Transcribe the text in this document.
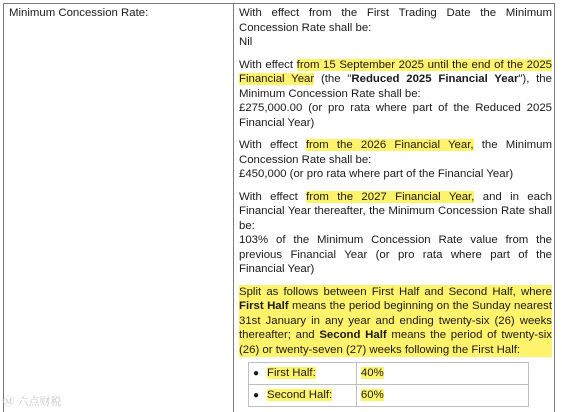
Minimum Concession Rate:	With effect from the First Trading Date the Minimum Concession Rate shall be:
Nil

With effect from 15 September 2025 until the end of the 2025 Financial Year (the "Reduced 2025 Financial Year"), the Minimum Concession Rate shall be:
£275,000.00 (or pro rata where part of the Reduced 2025 Financial Year)

With effect from the 2026 Financial Year, the Minimum Concession Rate shall be:
£450,000 (or pro rata where part of the Financial Year)

With effect from the 2027 Financial Year, and in each Financial Year thereafter, the Minimum Concession Rate shall be:
103% of the Minimum Concession Rate value from the previous Financial Year (or pro rata where part of the Financial Year)

Split as follows between First Half and Second Half, where First Half means the period beginning on the Sunday nearest 31st January in any year and ending twenty-six (26) weeks thereafter; and Second Half means the period of twenty-six (26) or twenty-seven (27) weeks following the First Half:

● First Half:	40%
● Second Half:	60%
Ⓜ 六点财税
